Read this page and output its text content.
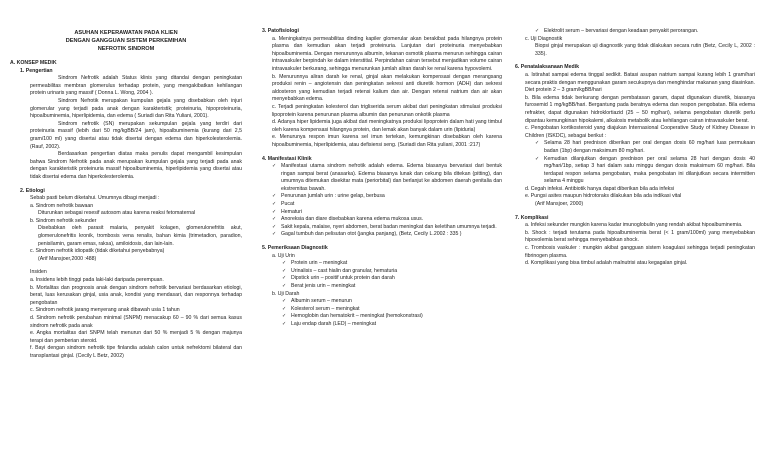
ASUHAN KEPERAWATAN PADA KLIEN
DENGAN GANGGUAN SISTEM PERKEMIHAN
NEFROTIK SINDROM
A. KONSEP MEDIK
1. Pengertian

Sindrom Nefrotik adalah Status klinis yang ditandai dengan peningkatan permeabilitas membran glomerulus terhadap protein, yang mengakibatkan kehilangan protein urinaris yang massif ( Donna L. Wong, 2004 ).

Sindrom Nefrotik merupakan kumpulan gejala yang disebabkan oleh injuri glomerular yang terjadi pada anak dengan karakteristik; proteinuria, hipoproteinuria, hipoalbuminemia, hiperlipidemia, dan edema ( Suriadi dan Rita Yuliani, 2001).

Sindrom nefrotik (SN) merupakan sekumpulan gejala yang terdiri dari proteinuria massif (lebih dari 50 mg/kgBB/24 jam), hipoalbuminemia (kurang dari 2,5 gram/100 ml) yang disertai atau tidak disertai dengan edema dan hiperkolesterolemia. (Rauf, 2002).

Berdasarkan pengertian diatas maka penulis dapat mengambil kesimpulan bahwa Sindrom Nefrotik pada anak merupakan kumpulan gejala yang terjadi pada anak dengan karakteristik proteinuria massif hipoalbuminemia, hiperlipidemia yang disertai atau tidak disertai edema dan hiperkolesterolemia.

2. Etiologi

Sebab pasti belum diketahui. Umumnya dibagi menjadi :

a. Sindrom nefrotik bawaan

Diturunkan sebagai resesif autosom atau karena reaksi fetomaternal

b. Sindrom nefrotik sekunder

Disebabkan oleh parasit malaria, penyakit kolagen, glomerulonefritis akut, glomerulonefritis kronik, trombosis vena renalis, bahan kimia (trimetadion, paradion, penisilamin, garam emas, raksa), amiloidosis, dan lain-lain.

c. Sindrom nefrotik idiopatik (tidak diketahui penyebabnya)

(Arif Mansjoer,2000 :488)

Insiden

a. Insidens lebih tinggi pada laki-laki daripada perempuan.

b. Mortalitas dan prognosis anak dengan sindrom nefrotik bervariasi berdasarkan etiologi, berat, luas kerusakan ginjal, usia anak, kondisi yang mendasari, dan responnya terhadap pengobatan

c. Sindrom nefrotik jarang menyerang anak dibawah usia 1 tahun

d. Sindrom nefrotik perubahan minimal (SNPM) menacakup 60 – 90 % dari semua kasus sindrom nefrotik pada anak

e. Angka mortalitas dari SNPM telah menurun dari 50 % menjadi 5 % dengan majunya terapi dan pemberian steroid.

f. Bayi dengan sindrom nefrotik tipe finlandia adalah calon untuk nefrektomi bilateral dan transplantasi ginjal. (Cecily L Betz, 2002)

3. Patofisiologi

a. Meningkatnya permeabilitas dinding kapiler glomerular akan berakibat pada hilangnya protein plasma dan kemudian akan terjadi proteinuria. Lanjutan dari proteinuria menyebabkan hipoalbuminemia. Dengan menurunnya albumin, tekanan osmotik plasma menurun sehingga cairan intravaskuler berpindah ke dalam interstitial. Perpindahan cairan tersebut menjadikan volume cairan intravaskuler berkurang, sehingga menurunkan jumlah aliran darah ke renal karena hypovolemi.

b. Menurunnya aliran darah ke renal, ginjal akan melakukan kompensasi dengan merangsang produksi renin – angiotensin dan peningkatan sekresi anti diuretik hormon (ADH) dan sekresi aldosteron yang kemudian terjadi retensi kalium dan air. Dengan retensi natrium dan air akan menyebabkan edema.

c. Terjadi peningkatan kolesterol dan trigliserida serum akibat dari peningkatan stimulasi produksi lipoprotein karena penurunan plasma albumin dan penurunan onkotik plasma

d. Adanya hiper lipidemia juga akibat dari meningkatnya produksi lipoprotein dalam hati yang timbul oleh karena kompensasi hilangnya protein, dan lemak akan banyak dalam urin (lipiduria)

e. Menurunya respon imun karena sel imun tertekan, kemungkinan disebabkan oleh karena hipoalbuminemia, hiperlipidemia, atau defisiensi seng. (Suriadi dan Rita yuliani, 2001 :217)

4. Manifestasi Klinik
✓ Manifestasi utama sindrom nefrotik adalah edema. Edema biasanya bervariasi dari bentuk ringan sampai berat (anasarka). Edema biasanya lunak dan cekung bila ditekan (pitting), dan umumnya ditemukan disekitar mata (periorbital) dan berlanjut ke abdomen daerah genitalia dan ekstremitas bawah.

✓ Penurunan jumlah urin : urine gelap, berbusa

✓ Pucat

✓ Hematuri

✓ Anoreksia dan diare disebabkan karena edema mukosa usus.

✓ Sakit kepala, malaise, nyeri abdomen, berat badan meningkat dan keletihan umumnya terjadi.

✓ Gagal tumbuh dan pelisutan otot (jangka panjang), (Betz, Cecily L.2002 : 335 )

5. Pemeriksaan Diagnostik

a. Uji Urin

✓ Protein urin – meningkat

✓ Urinalisis – cast hialin dan granular, hematuria

✓ Dipstick urin – positif untuk protein dan darah

✓ Berat jenis urin – meningkat

b. Uji Darah

✓ Albumin serum – menurun

✓ Kolesterol serum – meningkat

✓ Hemoglobin dan hematokrit – meningkat (hemokonstrasi)

✓ Laju endap darah (LED) – meningkat

✓ Elektrolit serum – bervariasi dengan keadaan penyakit perorangan.

c. Uji Diagnostik

Biopsi ginjal merupakan uji diagnostik yang tidak dilakukan secara rutin (Betz, Cecily L, 2002 : 335).

6. Penatalaksanaan Medik

a. Istirahat sampai edema tinggal sedikit. Batasi asupan natrium sampai kurang lebih 1 gram/hari secara praktis dengan menggunakan garam secukupnya dan menghindar makanan yang diasinkan. Diet protein 2 – 3 gram/kgBB/hari

b. Bila edema tidak berkurang dengan pembatasan garam, dapat digunakan diuretik, biasanya furosemid 1 mg/kgBB/hari. Bergantung pada beratnya edema dan respon pengobatan. Bila edema refrakter, dapat digunakan hidroklortiazid (25 – 50 mg/hari), selama pengobatan diuretik perlu dipantau kemungkinan hipokalemi, alkalosis metabolik atau kehilangan cairan intravaskuler berat.

c. Pengobatan kortikosteroid yang diajukan Internasional Cooperative Study of Kidney Disease in Children (ISKDC), sebagai berikut :

✓ Selama 28 hari prednison diberikan per oral dengan dosis 60 mg/hari luas permukaan badan (1bp) dengan maksimum 80 mg/hari.

✓ Kemudian dilanjutkan dengan prednison per oral selama 28 hari dengan dosis 40 mg/hari/1bp, setiap 3 hari dalam satu minggu dengan dosis maksimum 60 mg/hari. Bila terdapat respon selama pengobatan, maka pengobatan ini dilanjutkan secara intermitten selama 4 minggu

d. Cegah infeksi. Antibiotik hanya dapat diberikan bila ada infeksi

e. Pungsi asites maupun hidrotoraks dilakukan bila ada indikasi vital

(Arif Mansjoer, 2000)

7. Komplikasi

a. Infeksi sekunder mungkin karena kadar imunoglobulin yang rendah akibat hipoalbuminemia.

b. Shock : terjadi terutama pada hipoalbuminemia berat (< 1 gram/100ml) yang menyebabkan hipovolemia berat sehingga menyebabkan shock.

c. Trombosis vaskuler : mungkin akibat gangguan sistem koagulasi sehingga terjadi peningkatan fibrinogen plasma.

d. Komplikasi yang bisa timbul adalah malnutrisi atau kegagalan ginjal.
